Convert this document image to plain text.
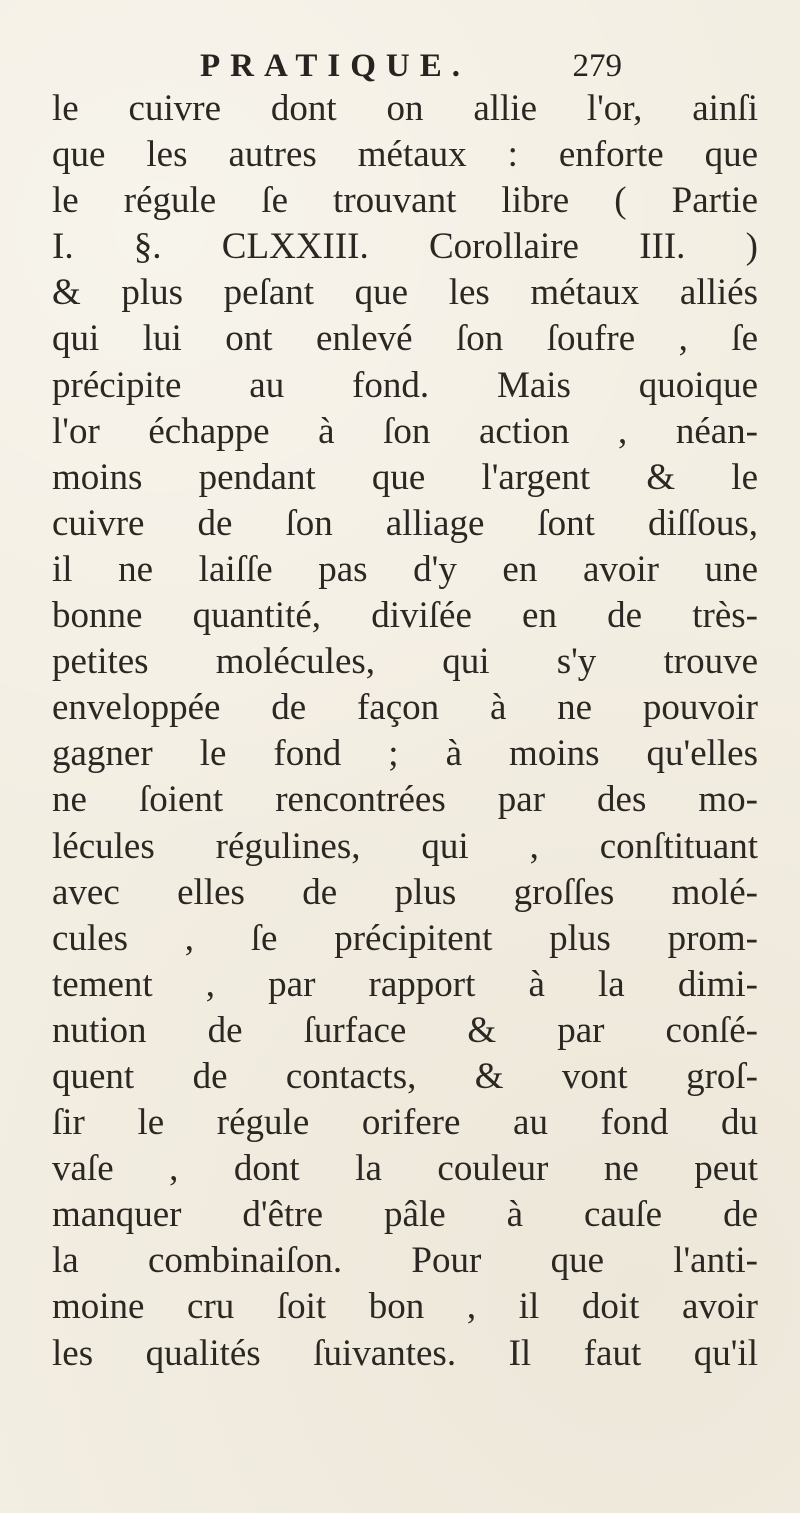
PRATIQUE.	279
le cuivre dont on allie l'or, ainſi
que les autres métaux : enforte que
le régule ſe trouvant libre ( Partie
I. §. CLXXIII. Corollaire III. )
& plus peſant que les métaux alliés
qui lui ont enlevé ſon ſoufre , ſe
précipite au fond. Mais quoique
l'or échappe à ſon action , néan-
moins pendant que l'argent & le
cuivre de ſon alliage ſont diſſous,
il ne laiſſe pas d'y en avoir une
bonne quantité, diviſée en de très-
petites molécules, qui s'y trouve
enveloppée de façon à ne pouvoir
gagner le fond ; à moins qu'elles
ne ſoient rencontrées par des mo-
lécules régulines, qui , conſtituant
avec elles de plus groſſes molé-
cules , ſe précipitent plus prom-
tement , par rapport à la dimi-
nution de ſurface & par conſé-
quent de contacts, & vont groſ-
ſir le régule orifere au fond du
vaſe , dont la couleur ne peut
manquer d'être pâle à cauſe de
la combinaiſon. Pour que l'anti-
moine cru ſoit bon , il doit avoir
les qualités ſuivantes. Il faut qu'il
